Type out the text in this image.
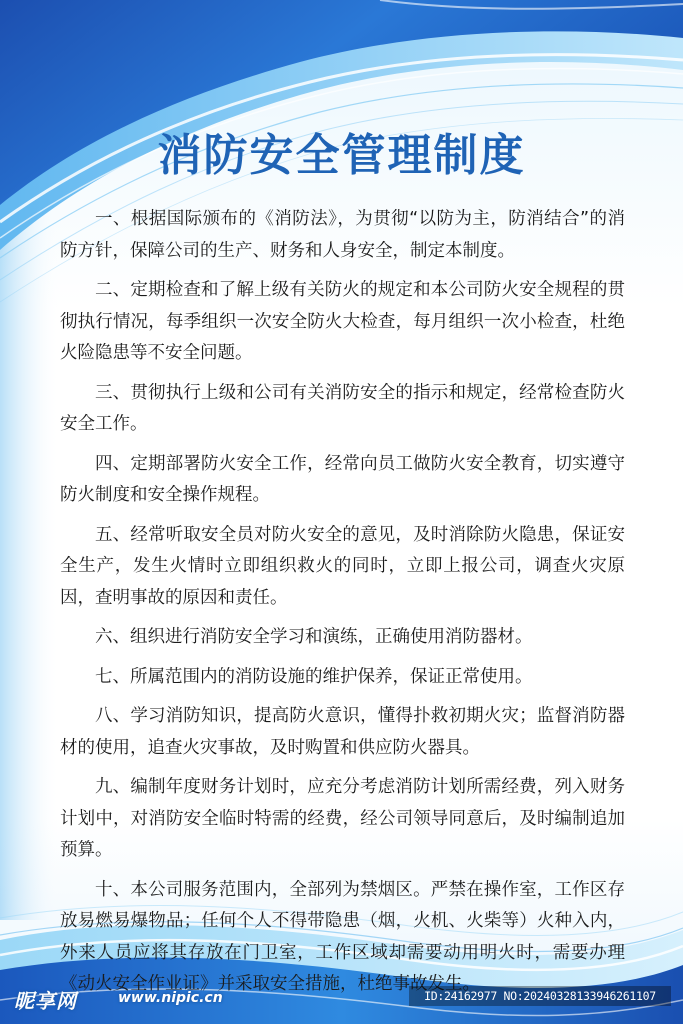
消防安全管理制度

一、根据国际颁布的《消防法》，为贯彻“以防为主，防消结合”的消防方针，保障公司的生产、财务和人身安全，制定本制度。

二、定期检查和了解上级有关防火的规定和本公司防火安全规程的贯彻执行情况，每季组织一次安全防火大检查，每月组织一次小检查，杜绝火险隐患等不安全问题。

三、贯彻执行上级和公司有关消防安全的指示和规定，经常检查防火安全工作。

四、定期部署防火安全工作，经常向员工做防火安全教育，切实遵守防火制度和安全操作规程。

五、经常听取安全员对防火安全的意见，及时消除防火隐患，保证安全生产，发生火情时立即组织救火的同时，立即上报公司，调查火灾原因，查明事故的原因和责任。

六、组织进行消防安全学习和演练，正确使用消防器材。

七、所属范围内的消防设施的维护保养，保证正常使用。

八、学习消防知识，提高防火意识，懂得扑救初期火灾；监督消防器材的使用，追查火灾事故，及时购置和供应防火器具。

九、编制年度财务计划时，应充分考虑消防计划所需经费，列入财务计划中，对消防安全临时特需的经费，经公司领导同意后，及时编制追加预算。

十、本公司服务范围内，全部列为禁烟区。严禁在操作室，工作区存放易燃易爆物品；任何个人不得带隐患（烟，火机、火柴等）火种入内，外来人员应将其存放在门卫室，工作区域却需要动用明火时，需要办理《动火安全作业证》并采取安全措施，杜绝事故发生。

昵享网	www.nipic.cn	ID:24162977 NO:20240328133946261107
